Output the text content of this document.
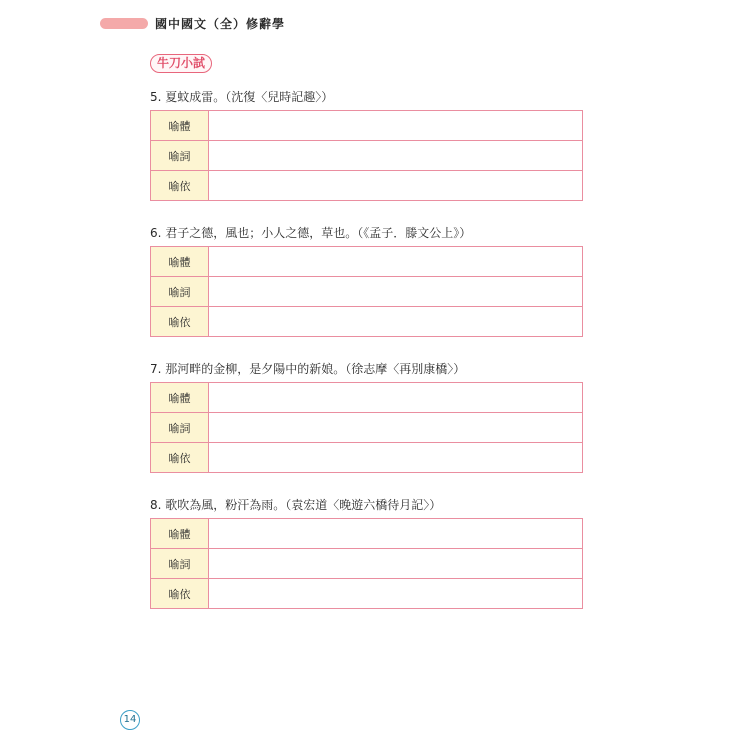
國中國文（全）修辭學
牛刀小試
5. 夏蚊成雷。（沈復〈兒時記趣〉）
喻體	
喻詞	
喻依	
6. 君子之德，風也；小人之德，草也。（《孟子．滕文公上》）
喻體	
喻詞	
喻依	
7. 那河畔的金柳，是夕陽中的新娘。（徐志摩〈再別康橋〉）
喻體	
喻詞	
喻依	
8. 歌吹為風，粉汗為雨。（袁宏道〈晚遊六橋待月記〉）
喻體	
喻詞	
喻依	
14
